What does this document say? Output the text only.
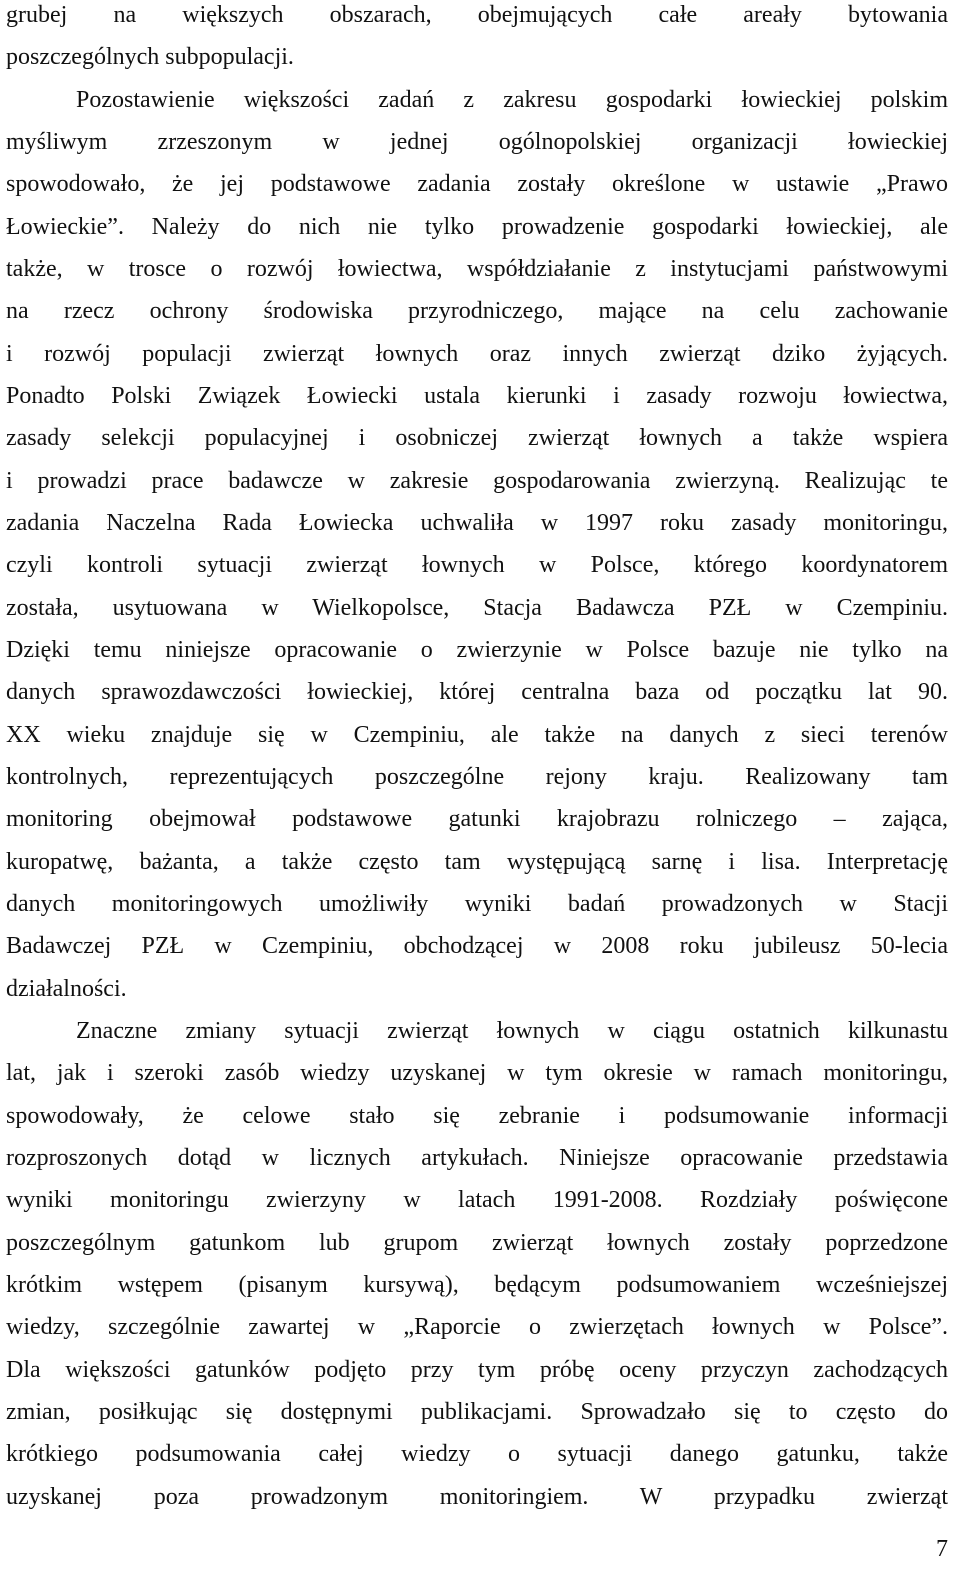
grubej na większych obszarach, obejmujących całe areały bytowania
poszczególnych subpopulacji.
Pozostawienie większości zadań z zakresu gospodarki łowieckiej polskim
myśliwym zrzeszonym w jednej ogólnopolskiej organizacji łowieckiej
spowodowało, że jej podstawowe zadania zostały określone w ustawie „Prawo
Łowieckie”. Należy do nich nie tylko prowadzenie gospodarki łowieckiej, ale
także, w trosce o rozwój łowiectwa, współdziałanie z instytucjami państwowymi
na rzecz ochrony środowiska przyrodniczego, mające na celu zachowanie
i rozwój populacji zwierząt łownych oraz innych zwierząt dziko żyjących.
Ponadto Polski Związek Łowiecki ustala kierunki i zasady rozwoju łowiectwa,
zasady selekcji populacyjnej i osobniczej zwierząt łownych a także wspiera
i prowadzi prace badawcze w zakresie gospodarowania zwierzyną. Realizując te
zadania Naczelna Rada Łowiecka uchwaliła w 1997 roku zasady monitoringu,
czyli kontroli sytuacji zwierząt łownych w Polsce, którego koordynatorem
została, usytuowana w Wielkopolsce, Stacja Badawcza PZŁ w Czempiniu.
Dzięki temu niniejsze opracowanie o zwierzynie w Polsce bazuje nie tylko na
danych sprawozdawczości łowieckiej, której centralna baza od początku lat 90.
XX wieku znajduje się w Czempiniu, ale także na danych z sieci terenów
kontrolnych, reprezentujących poszczególne rejony kraju. Realizowany tam
monitoring obejmował podstawowe gatunki krajobrazu rolniczego – zająca,
kuropatwę, bażanta, a także często tam występującą sarnę i lisa. Interpretację
danych monitoringowych umożliwiły wyniki badań prowadzonych w Stacji
Badawczej PZŁ w Czempiniu, obchodzącej w 2008 roku jubileusz 50-lecia
działalności.
Znaczne zmiany sytuacji zwierząt łownych w ciągu ostatnich kilkunastu
lat, jak i szeroki zasób wiedzy uzyskanej w tym okresie w ramach monitoringu,
spowodowały, że celowe stało się zebranie i podsumowanie informacji
rozproszonych dotąd w licznych artykułach. Niniejsze opracowanie przedstawia
wyniki monitoringu zwierzyny w latach 1991-2008. Rozdziały poświęcone
poszczególnym gatunkom lub grupom zwierząt łownych zostały poprzedzone
krótkim wstępem (pisanym kursywą), będącym podsumowaniem wcześniejszej
wiedzy, szczególnie zawartej w „Raporcie o zwierzętach łownych w Polsce”.
Dla większości gatunków podjęto przy tym próbę oceny przyczyn zachodzących
zmian, posiłkując się dostępnymi publikacjami. Sprowadzało się to często do
krótkiego podsumowania całej wiedzy o sytuacji danego gatunku, także
uzyskanej poza prowadzonym monitoringiem. W przypadku zwierząt
7
